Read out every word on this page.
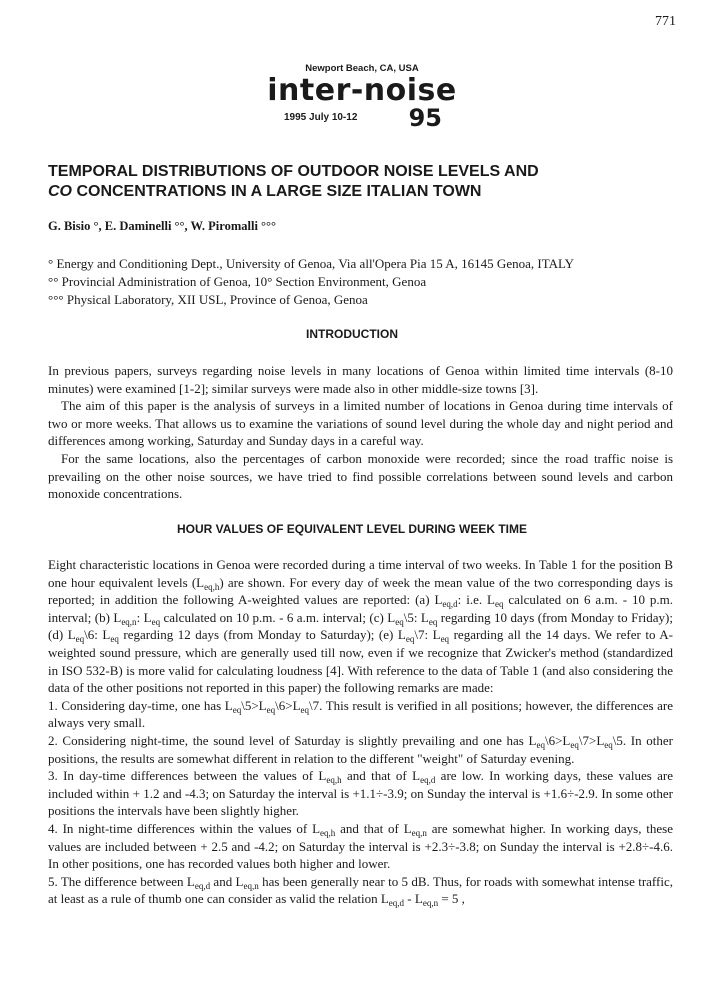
771
Newport Beach, CA, USA
inter-noise
1995 July 10-12 95
TEMPORAL DISTRIBUTIONS OF OUTDOOR NOISE LEVELS AND
CO CONCENTRATIONS IN A LARGE SIZE ITALIAN TOWN
G. Bisio °, E. Daminelli °°, W. Piromalli °°°
° Energy and Conditioning Dept., University of Genoa, Via all'Opera Pia 15 A, 16145 Genoa, ITALY
°° Provincial Administration of Genoa, 10° Section Environment, Genoa
°°° Physical Laboratory, XII USL, Province of Genoa, Genoa
INTRODUCTION

In previous papers, surveys regarding noise levels in many locations of Genoa within limited time intervals (8-10 minutes) were examined [1-2]; similar surveys were made also in other middle-size towns [3].

The aim of this paper is the analysis of surveys in a limited number of locations in Genoa during time intervals of two or more weeks. That allows us to examine the variations of sound level during the whole day and night period and differences among working, Saturday and Sunday days in a careful way.

For the same locations, also the percentages of carbon monoxide were recorded; since the road traffic noise is prevailing on the other noise sources, we have tried to find possible correlations between sound levels and carbon monoxide concentrations.

HOUR VALUES OF EQUIVALENT LEVEL DURING WEEK TIME

Eight characteristic locations in Genoa were recorded during a time interval of two weeks. In Table 1 for the position B one hour equivalent levels $(L_{eq,h})$ are shown. For every day of week the mean value of the two corresponding days is reported; in addition the following A-weighted values are reported: (a) $L_{eq,d}$: i.e. $L_{eq}$ calculated on 6 a.m. - 10 p.m. interval; (b) $L_{eq,n}$: $L_{eq}$ calculated on 10 p.m. - 6 a.m. interval; (c) $L_{eq}\backslash 5$: $L_{eq}$ regarding 10 days (from Monday to Friday); (d) $L_{eq}\backslash 6$: $L_{eq}$ regarding 12 days (from Monday to Saturday); (e) $L_{eq}\backslash 7$: $L_{eq}$ regarding all the 14 days. We refer to A-weighted sound pressure, which are generally used till now, even if we recognize that Zwicker's method (standardized in ISO 532-B) is more valid for calculating loudness [4]. With reference to the data of Table 1 (and also considering the data of the other positions not reported in this paper) the following remarks are made:

1. Considering day-time, one has $L_{eq}\backslash 5>L_{eq}\backslash 6>L_{eq}\backslash 7$. This result is verified in all positions; however, the differences are always very small.

2. Considering night-time, the sound level of Saturday is slightly prevailing and one has $L_{eq}\backslash 6>L_{eq}\backslash 7>L_{eq}\backslash 5$. In other positions, the results are somewhat different in relation to the different "weight" of Saturday evening.

3. In day-time differences between the values of $L_{eq,h}$ and that of $L_{eq,d}$ are low. In working days, these values are included within + 1.2 and -4.3; on Saturday the interval is +1.1÷-3.9; on Sunday the interval is +1.6÷-2.9. In some other positions the intervals have been slightly higher.

4. In night-time differences within the values of $L_{eq,h}$ and that of $L_{eq,n}$ are somewhat higher. In working days, these values are included between + 2.5 and -4.2; on Saturday the interval is +2.3÷-3.8; on Sunday the interval is +2.8÷-4.6. In other positions, one has recorded values both higher and lower.

5. The difference between $L_{eq,d}$ and $L_{eq,n}$ has been generally near to 5 dB. Thus, for roads with somewhat intense traffic, at least as a rule of thumb one can consider as valid the relation $L_{eq,d} - L_{eq,n} = 5$ ,
